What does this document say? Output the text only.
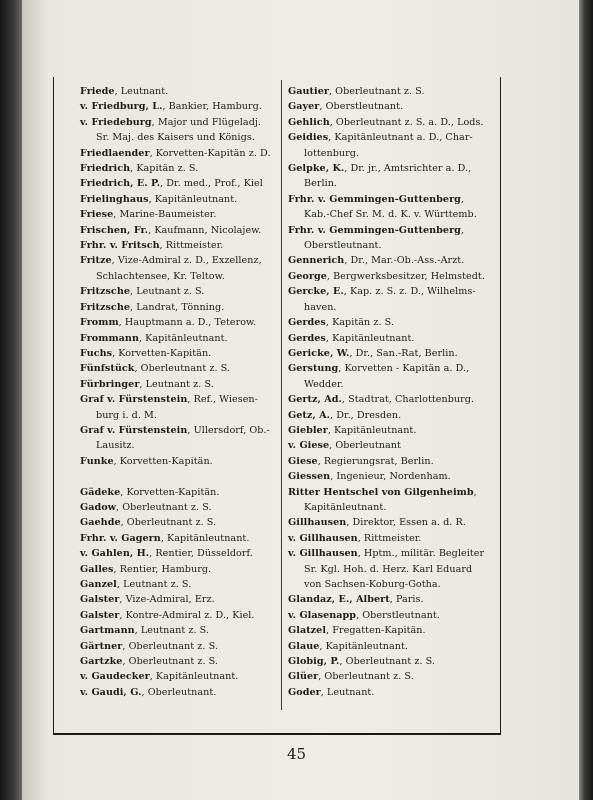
Friede, Leutnant.
v. Friedburg, L., Bankier, Hamburg.
v. Friedeburg, Major und Flügeladj.
Sr. Maj. des Kaisers und Königs.
Friedlaender, Korvetten-Kapitän z. D.
Friedrich, Kapitän z. S.
Friedrich, E. P., Dr. med., Prof., Kiel
Frielinghaus, Kapitänleutnant.
Friese, Marine-Baumeister.
Frischen, Fr., Kaufmann, Nicolajew.
Frhr. v. Fritsch, Rittmeister.
Fritze, Vize-Admiral z. D., Exzellenz,
Schlachtensee, Kr. Teltow.
Fritzsche, Leutnant z. S.
Fritzsche, Landrat, Tönning.
Fromm, Hauptmann a. D., Teterow.
Frommann, Kapitänleutnant.
Fuchs, Korvetten-Kapitän.
Fünfstück, Oberleutnant z. S.
Fürbringer, Leutnant z. S.
Graf v. Fürstenstein, Ref., Wiesen-
burg i. d. M.
Graf v. Fürstenstein, Ullersdorf, Ob.-
Lausitz.
Funke, Korvetten-Kapitän.
Gädeke, Korvetten-Kapitän.
Gadow, Oberleutnant z. S.
Gaehde, Oberleutnant z. S.
Frhr. v. Gagern, Kapitänleutnant.
v. Gahlen, H., Rentier, Düsseldorf.
Galles, Rentier, Hamburg.
Ganzel, Leutnant z. S.
Galster, Vize-Admiral, Erz.
Galster, Kontre-Admiral z. D., Kiel.
Gartmann, Leutnant z. S.
Gärtner, Oberleutnant z. S.
Gartzke, Oberleutnant z. S.
v. Gaudecker, Kapitänleutnant.
v. Gaudi, G., Oberleutnant.
Gautier, Oberleutnant z. S.
Gayer, Oberstleutnant.
Gehlich, Oberleutnant z. S. a. D., Lods.
Geidies, Kapitänleutnant a. D., Char-
lottenburg.
Gelpke, K., Dr. jr., Amtsrichter a. D.,
Berlin.
Frhr. v. Gemmingen-Guttenberg,
Kab.-Chef Sr. M. d. K. v. Württemb.
Frhr. v. Gemmingen-Guttenberg,
Oberstleutnant.
Gennerich, Dr., Mar.-Ob.-Ass.-Arzt.
George, Bergwerksbesitzer, Helmstedt.
Gercke, E., Kap. z. S. z. D., Wilhelms-
haven.
Gerdes, Kapitän z. S.
Gerdes, Kapitänleutnant.
Gericke, W., Dr., San.-Rat, Berlin.
Gerstung, Korvetten - Kapitän a. D.,
Wedder.
Gertz, Ad., Stadtrat, Charlottenburg.
Getz, A., Dr., Dresden.
Giebler, Kapitänleutnant.
v. Giese, Oberleutnant
Giese, Regierungsrat, Berlin.
Giessen, Ingenieur, Nordenham.
Ritter Hentschel von Gilgenheimb,
Kapitänleutnant.
Gillhausen, Direktor, Essen a. d. R.
v. Gillhausen, Rittmeister.
v. Gillhausen, Hptm., militär. Begleiter
Sr. Kgl. Hoh. d. Herz. Karl Eduard
von Sachsen-Koburg-Gotha.
Glandaz, E., Albert, Paris.
v. Glasenapp, Oberstleutnant.
Glatzel, Fregatten-Kapitän.
Glaue, Kapitänleutnant.
Globig, P., Oberleutnant z. S.
Glüer, Oberleutnant z. S.
Goder, Leutnant.
45
